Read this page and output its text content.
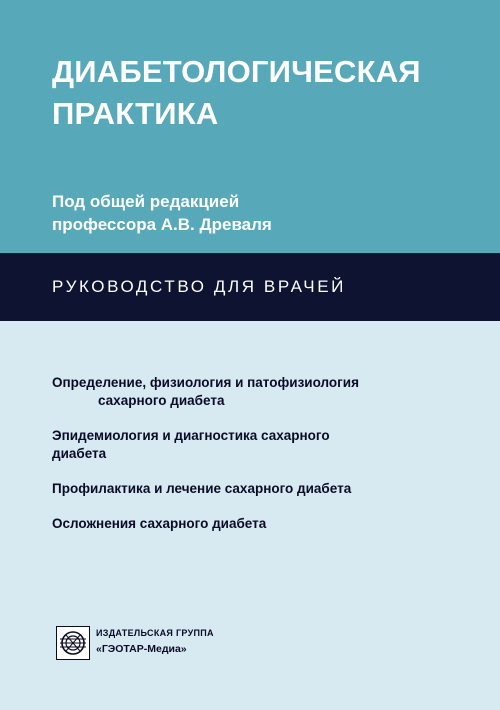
ДИАБЕТОЛОГИЧЕСКАЯ
ПРАКТИКА
Под общей редакцией
профессора А.В. Древаля
РУКОВОДСТВО ДЛЯ ВРАЧЕЙ
Определение, физиология и патофизиология
сахарного диабета
Эпидемиология и диагностика сахарного
диабета
Профилактика и лечение сахарного диабета
Осложнения сахарного диабета
ИЗДАТЕЛЬСКАЯ ГРУППА
«ГЭОТАР-Медиа»
